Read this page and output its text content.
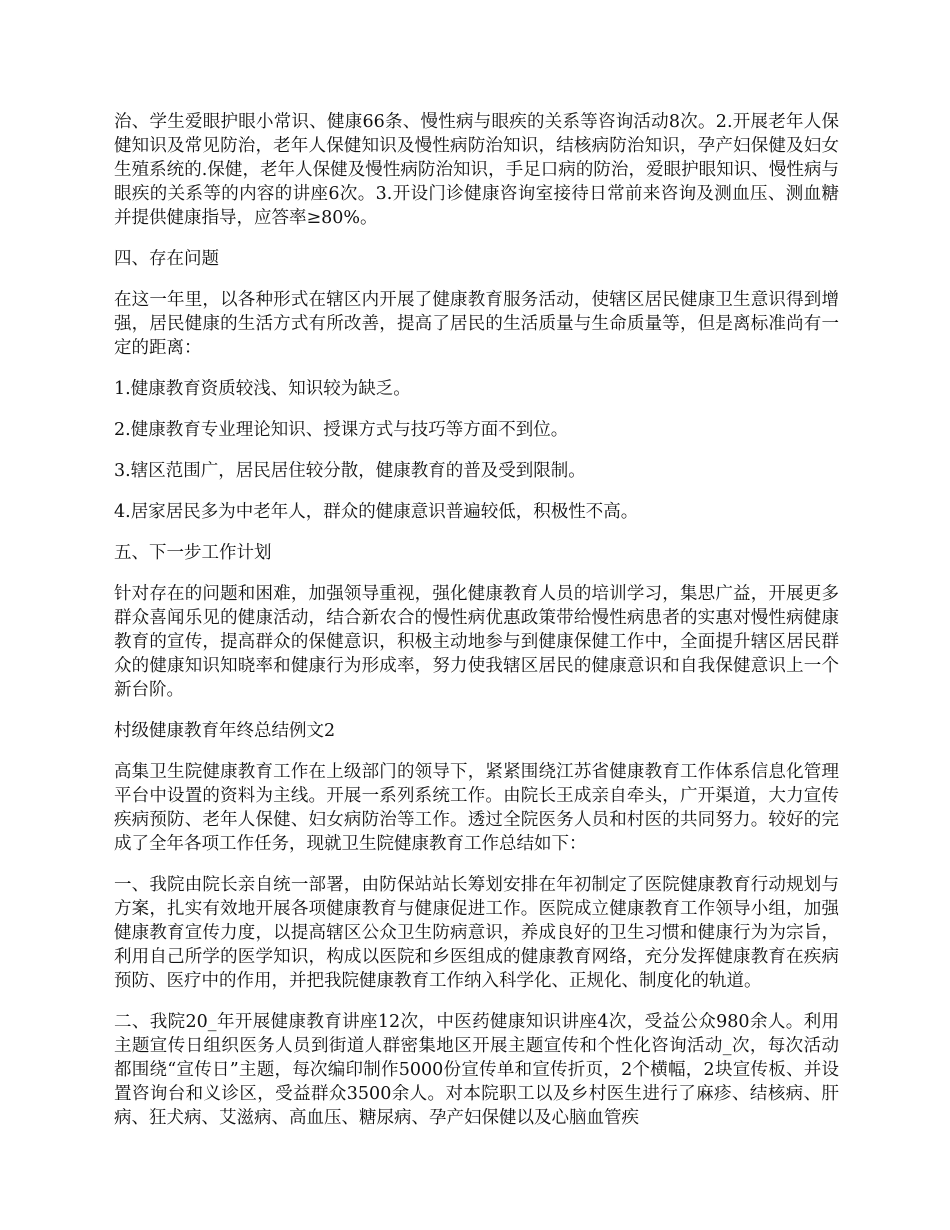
治、学生爱眼护眼小常识、健康66条、慢性病与眼疾的关系等咨询活动8次。2.开展老年人保健知识及常见防治，老年人保健知识及慢性病防治知识，结核病防治知识，孕产妇保健及妇女生殖系统的.保健，老年人保健及慢性病防治知识，手足口病的防治，爱眼护眼知识、慢性病与眼疾的关系等的内容的讲座6次。3.开设门诊健康咨询室接待日常前来咨询及测血压、测血糖并提供健康指导，应答率≥80%。

四、存在问题

在这一年里，以各种形式在辖区内开展了健康教育服务活动，使辖区居民健康卫生意识得到增强，居民健康的生活方式有所改善，提高了居民的生活质量与生命质量等，但是离标准尚有一定的距离：

1.健康教育资质较浅、知识较为缺乏。

2.健康教育专业理论知识、授课方式与技巧等方面不到位。

3.辖区范围广，居民居住较分散，健康教育的普及受到限制。

4.居家居民多为中老年人，群众的健康意识普遍较低，积极性不高。

五、下一步工作计划

针对存在的问题和困难，加强领导重视，强化健康教育人员的培训学习，集思广益，开展更多群众喜闻乐见的健康活动，结合新农合的慢性病优惠政策带给慢性病患者的实惠对慢性病健康教育的宣传，提高群众的保健意识，积极主动地参与到健康保健工作中，全面提升辖区居民群众的健康知识知晓率和健康行为形成率，努力使我辖区居民的健康意识和自我保健意识上一个新台阶。

村级健康教育年终总结例文2

高集卫生院健康教育工作在上级部门的领导下，紧紧围绕江苏省健康教育工作体系信息化管理平台中设置的资料为主线。开展一系列系统工作。由院长王成亲自牵头，广开渠道，大力宣传疾病预防、老年人保健、妇女病防治等工作。透过全院医务人员和村医的共同努力。较好的完成了全年各项工作任务，现就卫生院健康教育工作总结如下：

一、我院由院长亲自统一部署，由防保站站长筹划安排在年初制定了医院健康教育行动规划与方案，扎实有效地开展各项健康教育与健康促进工作。医院成立健康教育工作领导小组，加强健康教育宣传力度，以提高辖区公众卫生防病意识，养成良好的卫生习惯和健康行为为宗旨，利用自己所学的医学知识，构成以医院和乡医组成的健康教育网络，充分发挥健康教育在疾病预防、医疗中的作用，并把我院健康教育工作纳入科学化、正规化、制度化的轨道。

二、我院20_年开展健康教育讲座12次，中医药健康知识讲座4次，受益公众980余人。利用主题宣传日组织医务人员到街道人群密集地区开展主题宣传和个性化咨询活动_次，每次活动都围绕“宣传日”主题，每次编印制作5000份宣传单和宣传折页，2个横幅，2块宣传板、并设置咨询台和义诊区，受益群众3500余人。对本院职工以及乡村医生进行了麻疹、结核病、肝病、狂犬病、艾滋病、高血压、糖尿病、孕产妇保健以及心脑血管疾
